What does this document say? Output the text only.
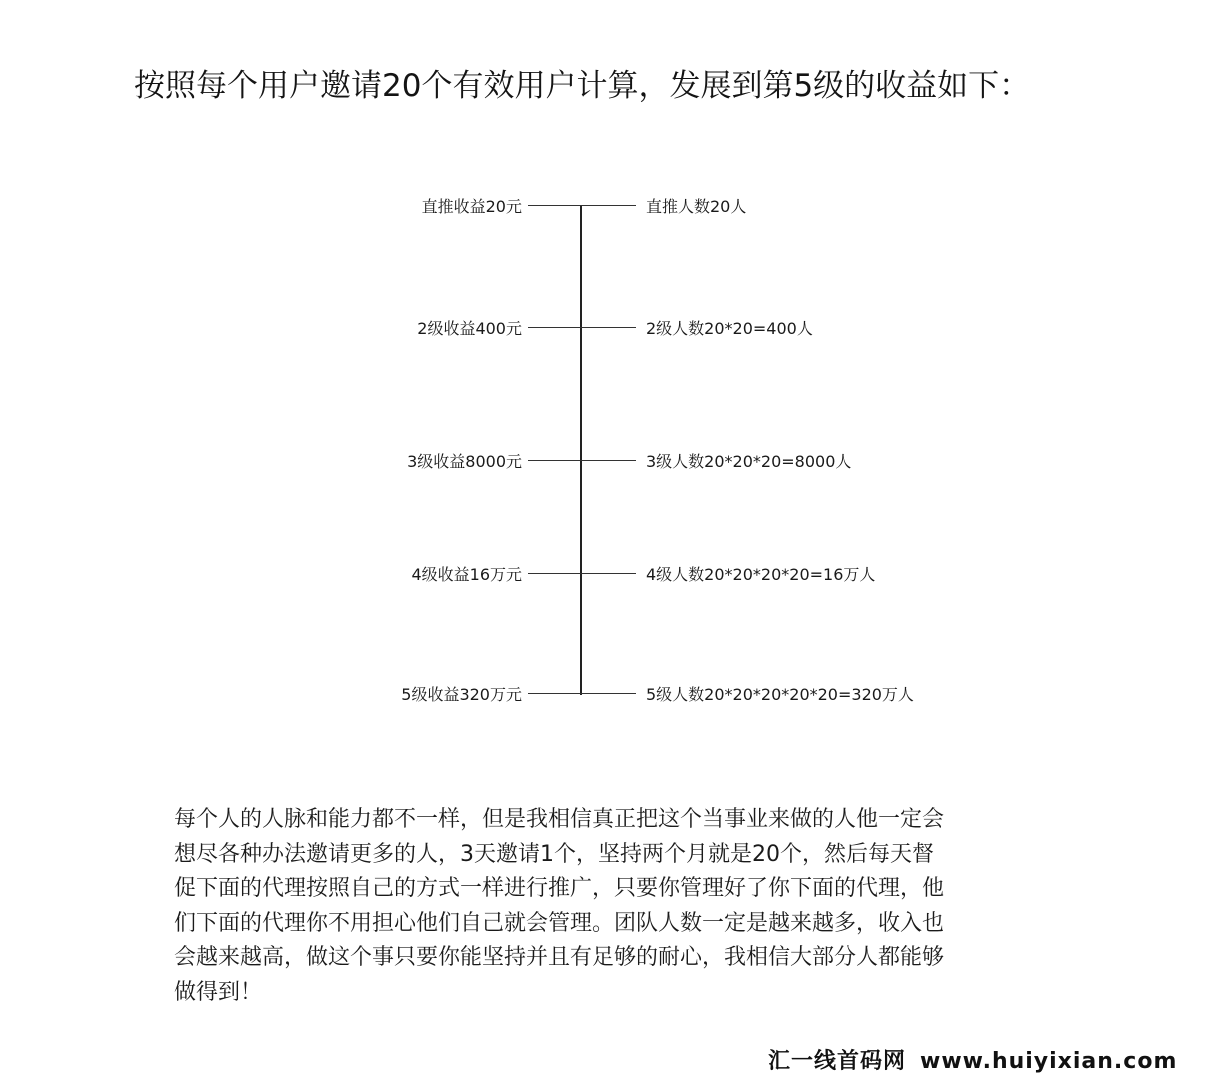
按照每个用户邀请20个有效用户计算，发展到第5级的收益如下：
直推收益20元	直推人数20人
2级收益400元	2级人数20*20=400人
3级收益8000元	3级人数20*20*20=8000人
4级收益16万元	4级人数20*20*20*20=16万人
5级收益320万元	5级人数20*20*20*20*20=320万人

每个人的人脉和能力都不一样，但是我相信真正把这个当事业来做的人他一定会

想尽各种办法邀请更多的人，3天邀请1个，坚持两个月就是20个，然后每天督

促下面的代理按照自己的方式一样进行推广，只要你管理好了你下面的代理，他

们下面的代理你不用担心他们自己就会管理。团队人数一定是越来越多，收入也

会越来越高，做这个事只要你能坚持并且有足够的耐心，我相信大部分人都能够

做得到！

汇一线首码网 www.huiyixian.com
